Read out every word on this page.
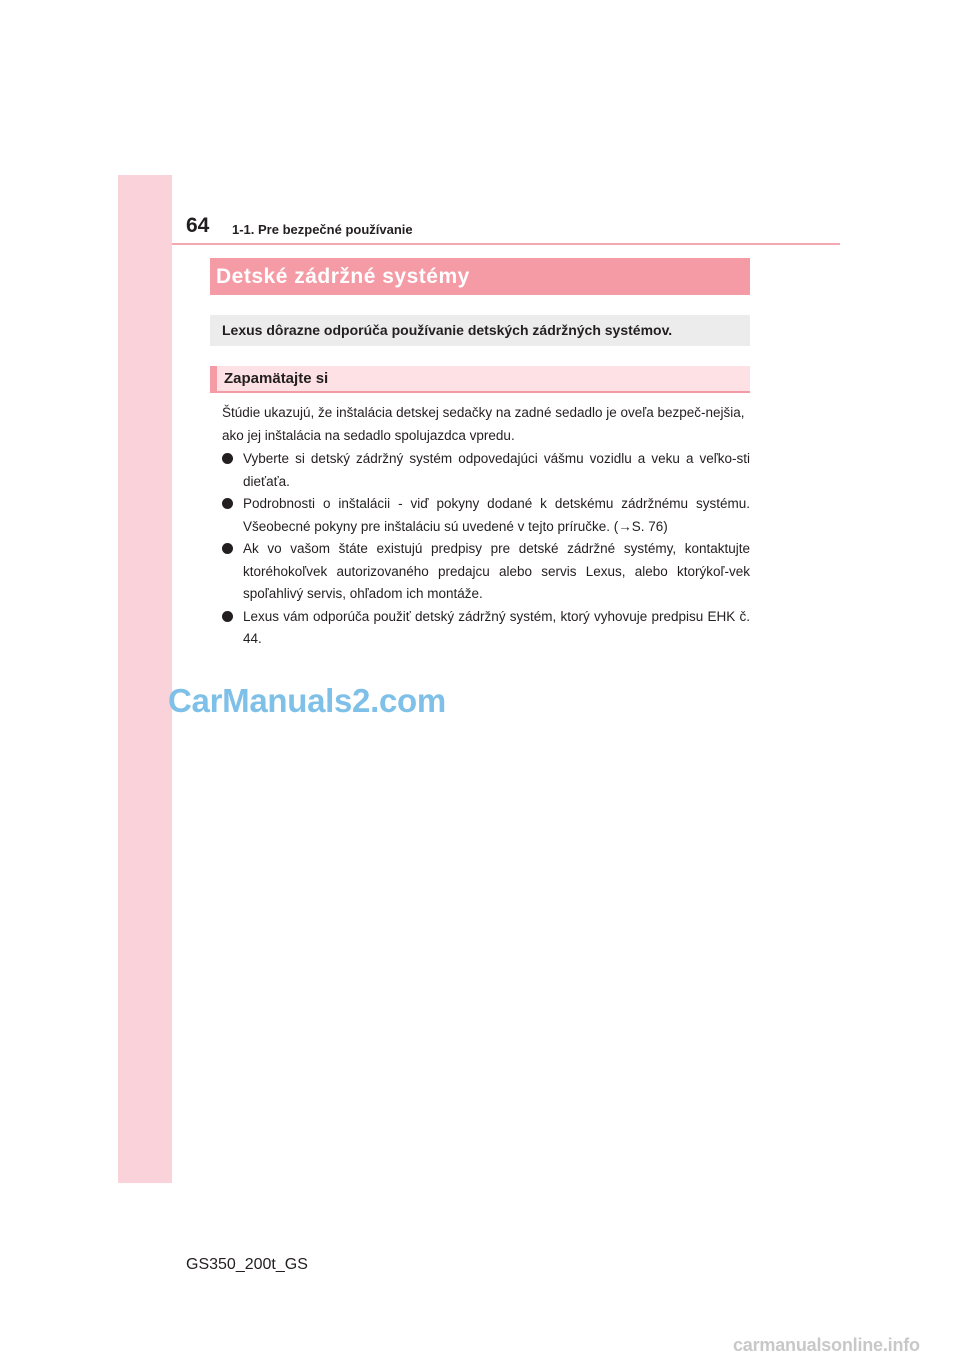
64 1-1. Pre bezpečné používanie
Detské zádržné systémy
Lexus dôrazne odporúča používanie detských zádržných systémov.
Zapamätajte si

Štúdie ukazujú, že inštalácia detskej sedačky na zadné sedadlo je oveľa bezpeč-nejšia, ako jej inštalácia na sedadlo spolujazdca vpredu.

Vyberte si detský zádržný systém odpovedajúci vášmu vozidlu a veku a veľko-sti dieťaťa.
Podrobnosti o inštalácii - viď pokyny dodané k detskému zádržnému systému. Všeobecné pokyny pre inštaláciu sú uvedené v tejto príručke. (→S. 76)
Ak vo vašom štáte existujú predpisy pre detské zádržné systémy, kontaktujte ktoréhokoľvek autorizovaného predajcu alebo servis Lexus, alebo ktorýkoľ-vek spoľahlivý servis, ohľadom ich montáže.
Lexus vám odporúča použiť detský zádržný systém, ktorý vyhovuje predpisu EHK č. 44.
CarManuals2.com
GS350_200t_GS
carmanualsonline.info
